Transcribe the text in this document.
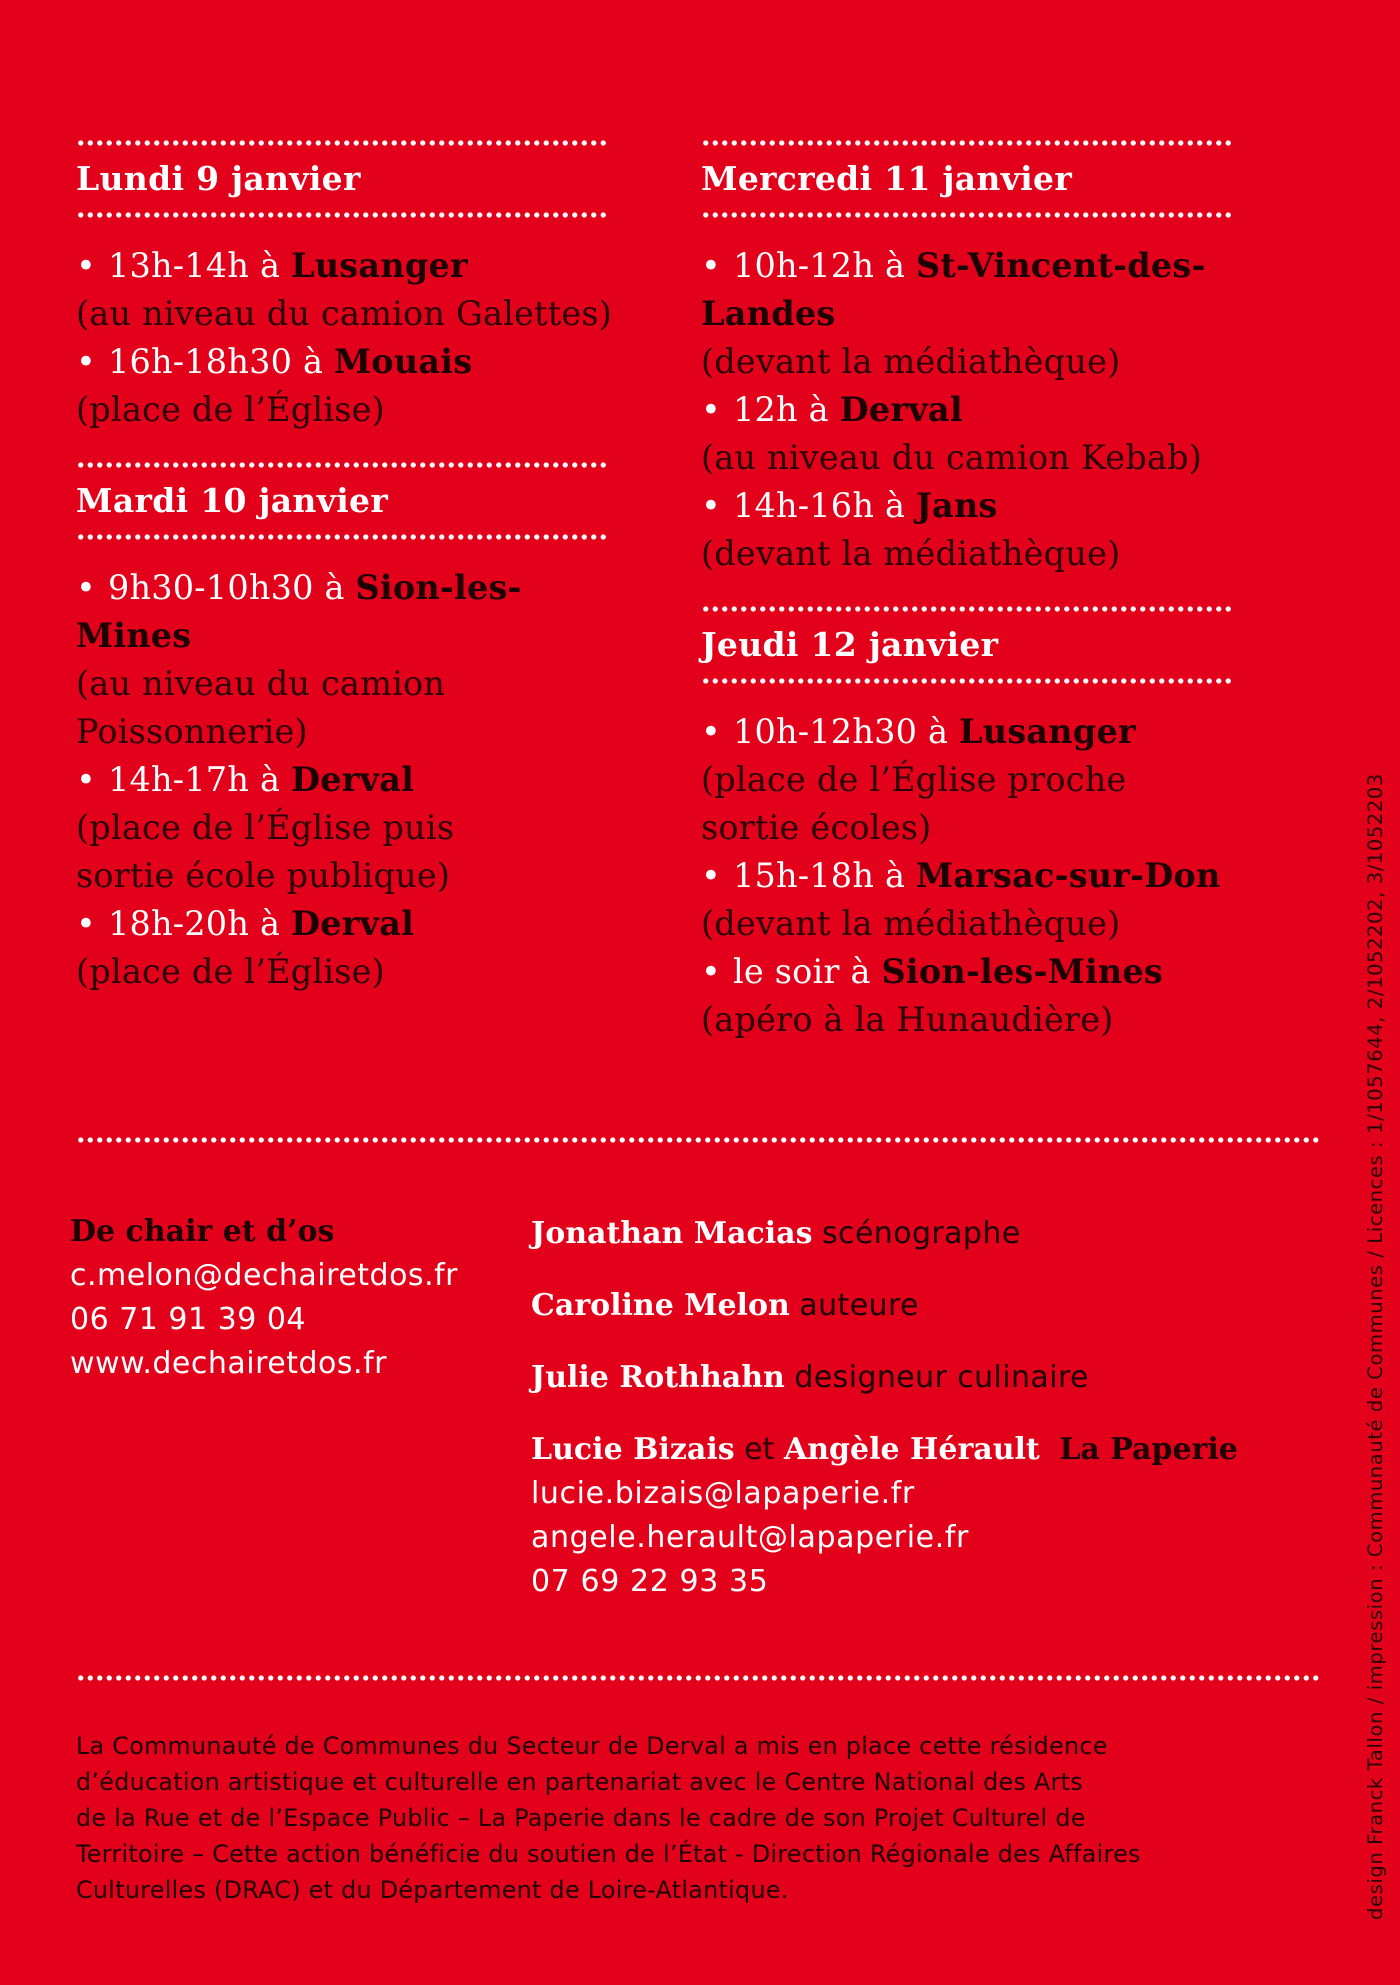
Lundi 9 janvier
• 13h-14h à Lusanger
(au niveau du camion Galettes)
• 16h-18h30 à Mouais
(place de l’Église)
Mardi 10 janvier
• 9h30-10h30 à Sion-les-
Mines
(au niveau du camion
Poissonnerie)
• 14h-17h à Derval
(place de l’Église puis
sortie école publique)
• 18h-20h à Derval
(place de l’Église)
Mercredi 11 janvier
• 10h-12h à St-Vincent-des-
Landes
(devant la médiathèque)
• 12h à Derval
(au niveau du camion Kebab)
• 14h-16h à Jans
(devant la médiathèque)
Jeudi 12 janvier
• 10h-12h30 à Lusanger
(place de l’Église proche
sortie écoles)
• 15h-18h à Marsac-sur-Don
(devant la médiathèque)
• le soir à Sion-les-Mines
(apéro à la Hunaudière)
De chair et d’os
c.melon@dechairetdos.fr
06 71 91 39 04
www.dechairetdos.fr
Jonathan Macias scénographe
Caroline Melon auteure
Julie Rothhahn designeur culinaire
Lucie Bizais et Angèle Hérault La Paperie
lucie.bizais@lapaperie.fr
angele.herault@lapaperie.fr
07 69 22 93 35
La Communauté de Communes du Secteur de Derval a mis en place cette résidence
d’éducation artistique et culturelle en partenariat avec le Centre National des Arts
de la Rue et de l’Espace Public – La Paperie dans le cadre de son Projet Culturel de
Territoire – Cette action bénéficie du soutien de l’État - Direction Régionale des Affaires
Culturelles (DRAC) et du Département de Loire-Atlantique.	design Franck Tallon / impression : Communauté de Communes / Licences : 1/1057644, 2/1052202, 3/1052203
